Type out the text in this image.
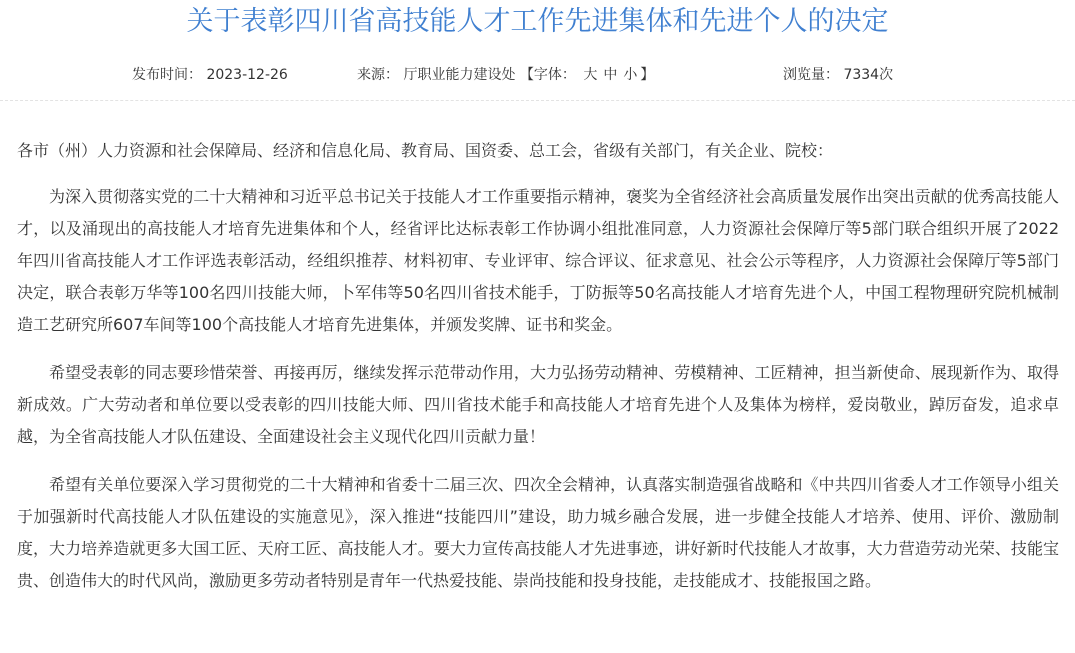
关于表彰四川省高技能人才工作先进集体和先进个人的决定
发布时间： 2023-12-26	来源： 厅职业能力建设处 【字体： 大 中 小 】	浏览量： 7334次

各市（州）人力资源和社会保障局、经济和信息化局、教育局、国资委、总工会，省级有关部门，有关企业、院校：

为深入贯彻落实党的二十大精神和习近平总书记关于技能人才工作重要指示精神，褒奖为全省经济社会高质量发展作出突出贡献的优秀高技能人才，以及涌现出的高技能人才培育先进集体和个人，经省评比达标表彰工作协调小组批准同意，人力资源社会保障厅等5部门联合组织开展了2022年四川省高技能人才工作评选表彰活动，经组织推荐、材料初审、专业评审、综合评议、征求意见、社会公示等程序，人力资源社会保障厅等5部门决定，联合表彰万华等100名四川技能大师，卜军伟等50名四川省技术能手，丁防振等50名高技能人才培育先进个人，中国工程物理研究院机械制造工艺研究所607车间等100个高技能人才培育先进集体，并颁发奖牌、证书和奖金。

希望受表彰的同志要珍惜荣誉、再接再厉，继续发挥示范带动作用，大力弘扬劳动精神、劳模精神、工匠精神，担当新使命、展现新作为、取得新成效。广大劳动者和单位要以受表彰的四川技能大师、四川省技术能手和高技能人才培育先进个人及集体为榜样，爱岗敬业，踔厉奋发，追求卓越，为全省高技能人才队伍建设、全面建设社会主义现代化四川贡献力量！

希望有关单位要深入学习贯彻党的二十大精神和省委十二届三次、四次全会精神，认真落实制造强省战略和《中共四川省委人才工作领导小组关于加强新时代高技能人才队伍建设的实施意见》，深入推进“技能四川”建设，助力城乡融合发展，进一步健全技能人才培养、使用、评价、激励制度，大力培养造就更多大国工匠、天府工匠、高技能人才。要大力宣传高技能人才先进事迹，讲好新时代技能人才故事，大力营造劳动光荣、技能宝贵、创造伟大的时代风尚，激励更多劳动者特别是青年一代热爱技能、崇尚技能和投身技能，走技能成才、技能报国之路。
